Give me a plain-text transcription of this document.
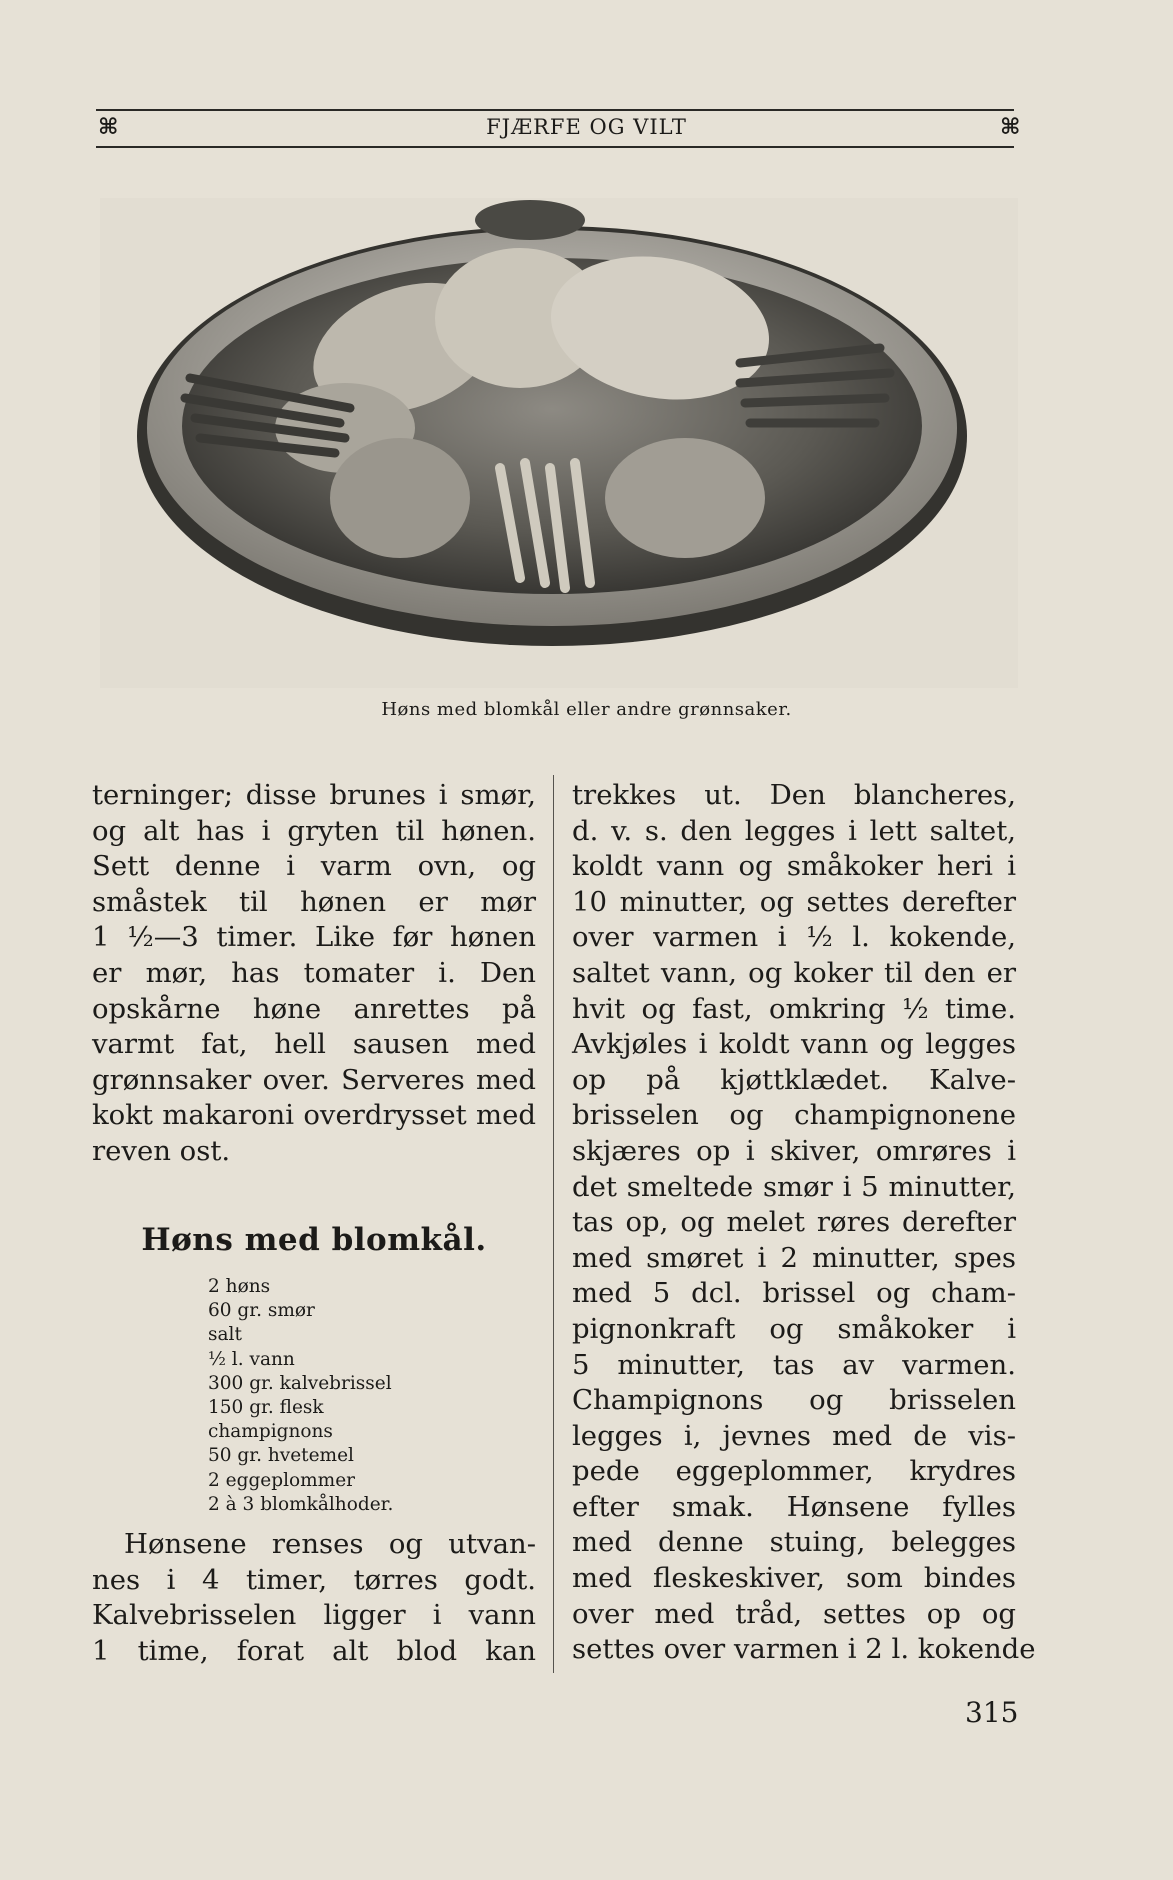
⌘	FJÆRFE OG VILT	⌘
Høns med blomkål eller andre grønnsaker.
terninger; disse brunes i smør,
og alt has i gryten til hønen.
Sett denne i varm ovn, og
småstek til hønen er mør
1 ½—3 timer. Like før hønen
er mør, has tomater i. Den
opskårne høne anrettes på
varmt fat, hell sausen med
grønnsaker over. Serveres med
kokt makaroni overdrysset med
reven ost.
Høns med blomkål.
2 høns
60 gr. smør
salt
½ l. vann
300 gr. kalvebrissel
150 gr. flesk
champignons
50 gr. hvetemel
2 eggeplommer
2 à 3 blomkålhoder.
Hønsene renses og utvan-
nes i 4 timer, tørres godt.
Kalvebrisselen ligger i vann
1 time, forat alt blod kan
trekkes ut. Den blancheres,
d. v. s. den legges i lett saltet,
koldt vann og småkoker heri i
10 minutter, og settes derefter
over varmen i ½ l. kokende,
saltet vann, og koker til den er
hvit og fast, omkring ½ time.
Avkjøles i koldt vann og legges
op på kjøttklædet. Kalve-
brisselen og champignonene
skjæres op i skiver, omrøres i
det smeltede smør i 5 minutter,
tas op, og melet røres derefter
med smøret i 2 minutter, spes
med 5 dcl. brissel og cham-
pignonkraft og småkoker i
5 minutter, tas av varmen.
Champignons og brisselen
legges i, jevnes med de vis-
pede eggeplommer, krydres
efter smak. Hønsene fylles
med denne stuing, belegges
med fleskeskiver, som bindes
over med tråd, settes op og
settes over varmen i 2 l. kokende
315
